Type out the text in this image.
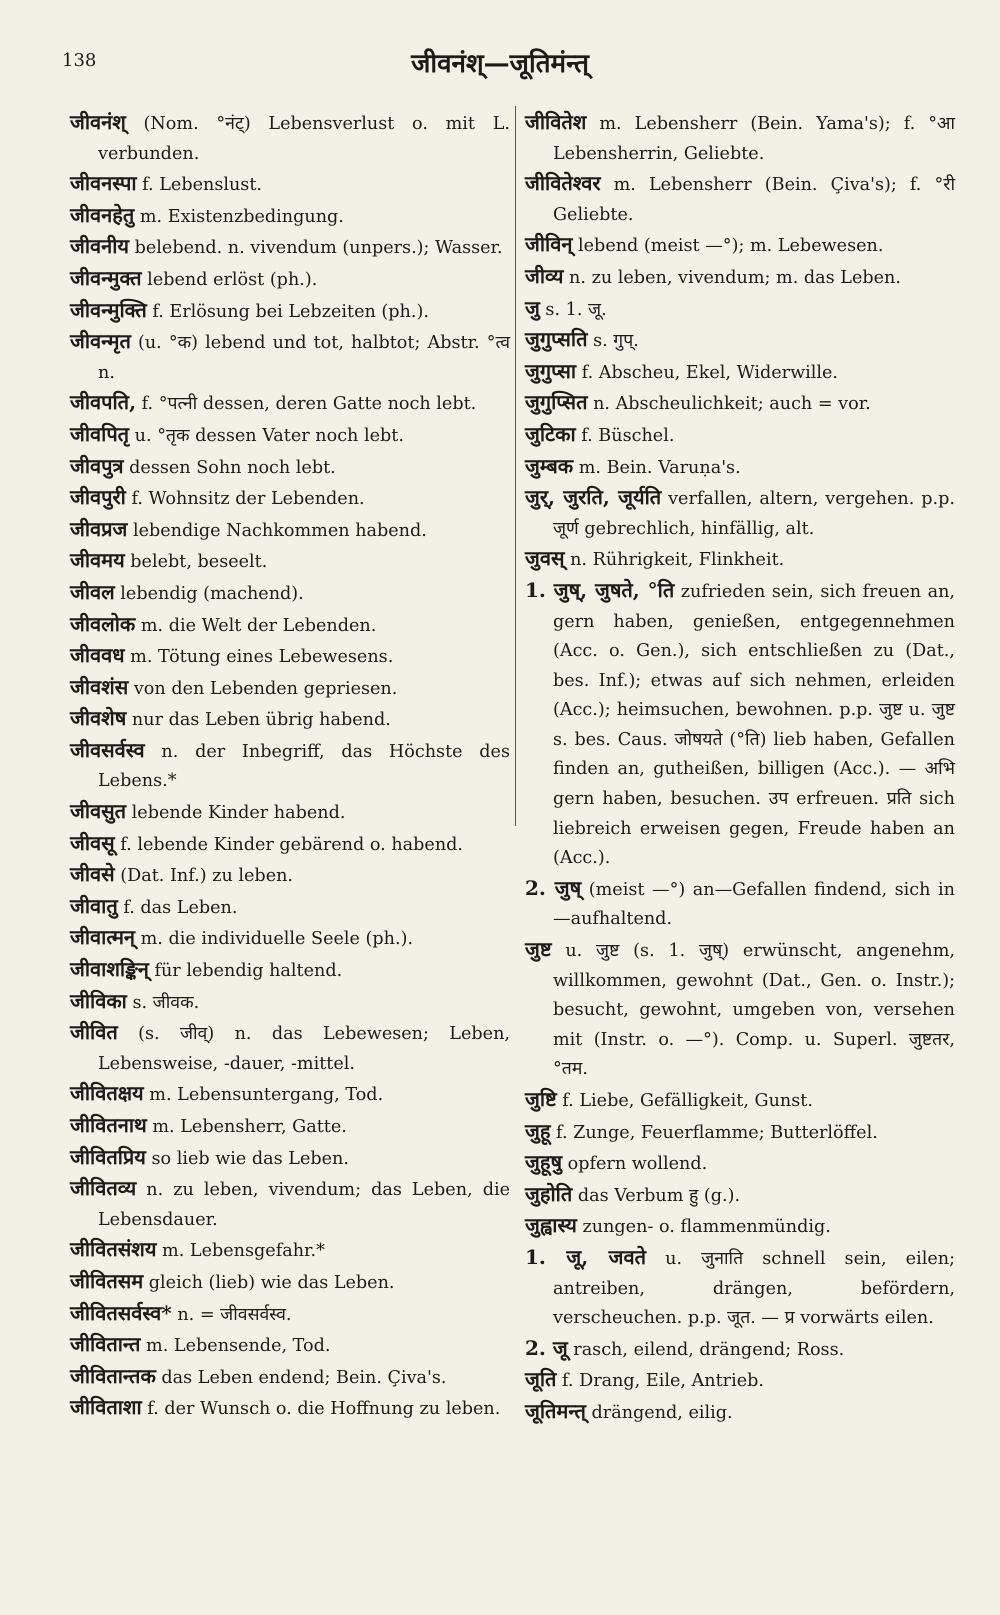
138	जीवनंश्—जूतिमंन्त्
जीवनंश् (Nom. °नंट्) Lebensverlust o. mit L. verbunden.
जीवनस्पा f. Lebenslust.
जीवनहेतु m. Existenzbedingung.
जीवनीय belebend. n. vivendum (unpers.); Wasser.
जीवन्मुक्त lebend erlöst (ph.).
जीवन्मुक्ति f. Erlösung bei Lebzeiten (ph.).
जीवन्मृत (u. °क) lebend und tot, halbtot; Abstr. °त्व n.
जीवपति, f. °पत्नी dessen, deren Gatte noch lebt.
जीवपितृ u. °तृक dessen Vater noch lebt.
जीवपुत्र dessen Sohn noch lebt.
जीवपुरी f. Wohnsitz der Lebenden.
जीवप्रज lebendige Nachkommen habend.
जीवमय belebt, beseelt.
जीवल lebendig (machend).
जीवलोक m. die Welt der Lebenden.
जीववध m. Tötung eines Lebewesens.
जीवशंस von den Lebenden gepriesen.
जीवशेष nur das Leben übrig habend.
जीवसर्वस्व n. der Inbegriff, das Höchste des Lebens.*
जीवसुत lebende Kinder habend.
जीवसू f. lebende Kinder gebärend o. habend.
जीवसे (Dat. Inf.) zu leben.
जीवातु f. das Leben.
जीवात्मन् m. die individuelle Seele (ph.).
जीवाशङ्किन् für lebendig haltend.
जीविका s. जीवक.
जीवित (s. जीव्) n. das Lebewesen; Leben, Lebensweise, -dauer, -mittel.
जीवितक्षय m. Lebensuntergang, Tod.
जीवितनाथ m. Lebensherr, Gatte.
जीवितप्रिय so lieb wie das Leben.
जीवितव्य n. zu leben, vivendum; das Leben, die Lebensdauer.
जीवितसंशय m. Lebensgefahr.*
जीवितसम gleich (lieb) wie das Leben.
जीवितसर्वस्व* n. = जीवसर्वस्व.
जीवितान्त m. Lebensende, Tod.
जीवितान्तक das Leben endend; Bein. Çiva's.
जीविताशा f. der Wunsch o. die Hoffnung zu leben.
जीवितेश m. Lebensherr (Bein. Yama's); f. °आ Lebensherrin, Geliebte.
जीवितेश्वर m. Lebensherr (Bein. Çiva's); f. °री Geliebte.
जीविन् lebend (meist —°); m. Lebewesen.
जीव्य n. zu leben, vivendum; m. das Leben.
जु s. 1. जू.
जुगुप्सति s. गुप्.
जुगुप्सा f. Abscheu, Ekel, Widerwille.
जुगुप्सित n. Abscheulichkeit; auch = vor.
जुटिका f. Büschel.
जुम्बक m. Bein. Varuṇa's.
जुर्, जुरति, जूर्यति verfallen, altern, vergehen. p.p. जूर्ण gebrechlich, hinfällig, alt.
जुवस् n. Rührigkeit, Flinkheit.
1. जुष्, जुषते, °ति zufrieden sein, sich freuen an, gern haben, genießen, entgegennehmen (Acc. o. Gen.), sich entschließen zu (Dat., bes. Inf.); etwas auf sich nehmen, erleiden (Acc.); heimsuchen, bewohnen. p.p. जुष्ट u. जुष्ट s. bes. Caus. जोषयते (°ति) lieb haben, Gefallen finden an, gutheißen, billigen (Acc.). — अभि gern haben, besuchen. उप erfreuen. प्रति sich liebreich erweisen gegen, Freude haben an (Acc.).
2. जुष् (meist —°) an—Gefallen findend, sich in—aufhaltend.
जुष्ट u. जुष्ट (s. 1. जुष्) erwünscht, angenehm, willkommen, gewohnt (Dat., Gen. o. Instr.); besucht, gewohnt, umgeben von, versehen mit (Instr. o. —°). Comp. u. Superl. जुष्टतर, °तम.
जुष्टि f. Liebe, Gefälligkeit, Gunst.
जुहू f. Zunge, Feuerflamme; Butterlöffel.
जुहूषु opfern wollend.
जुहोति das Verbum हु (g.).
जुह्वास्य zungen- o. flammenmündig.
1. जू, जवते u. जुनाति schnell sein, eilen; antreiben, drängen, befördern, verscheuchen. p.p. जूत. — प्र vorwärts eilen.
2. जू rasch, eilend, drängend; Ross.
जूति f. Drang, Eile, Antrieb.
जूतिमन्त् drängend, eilig.
